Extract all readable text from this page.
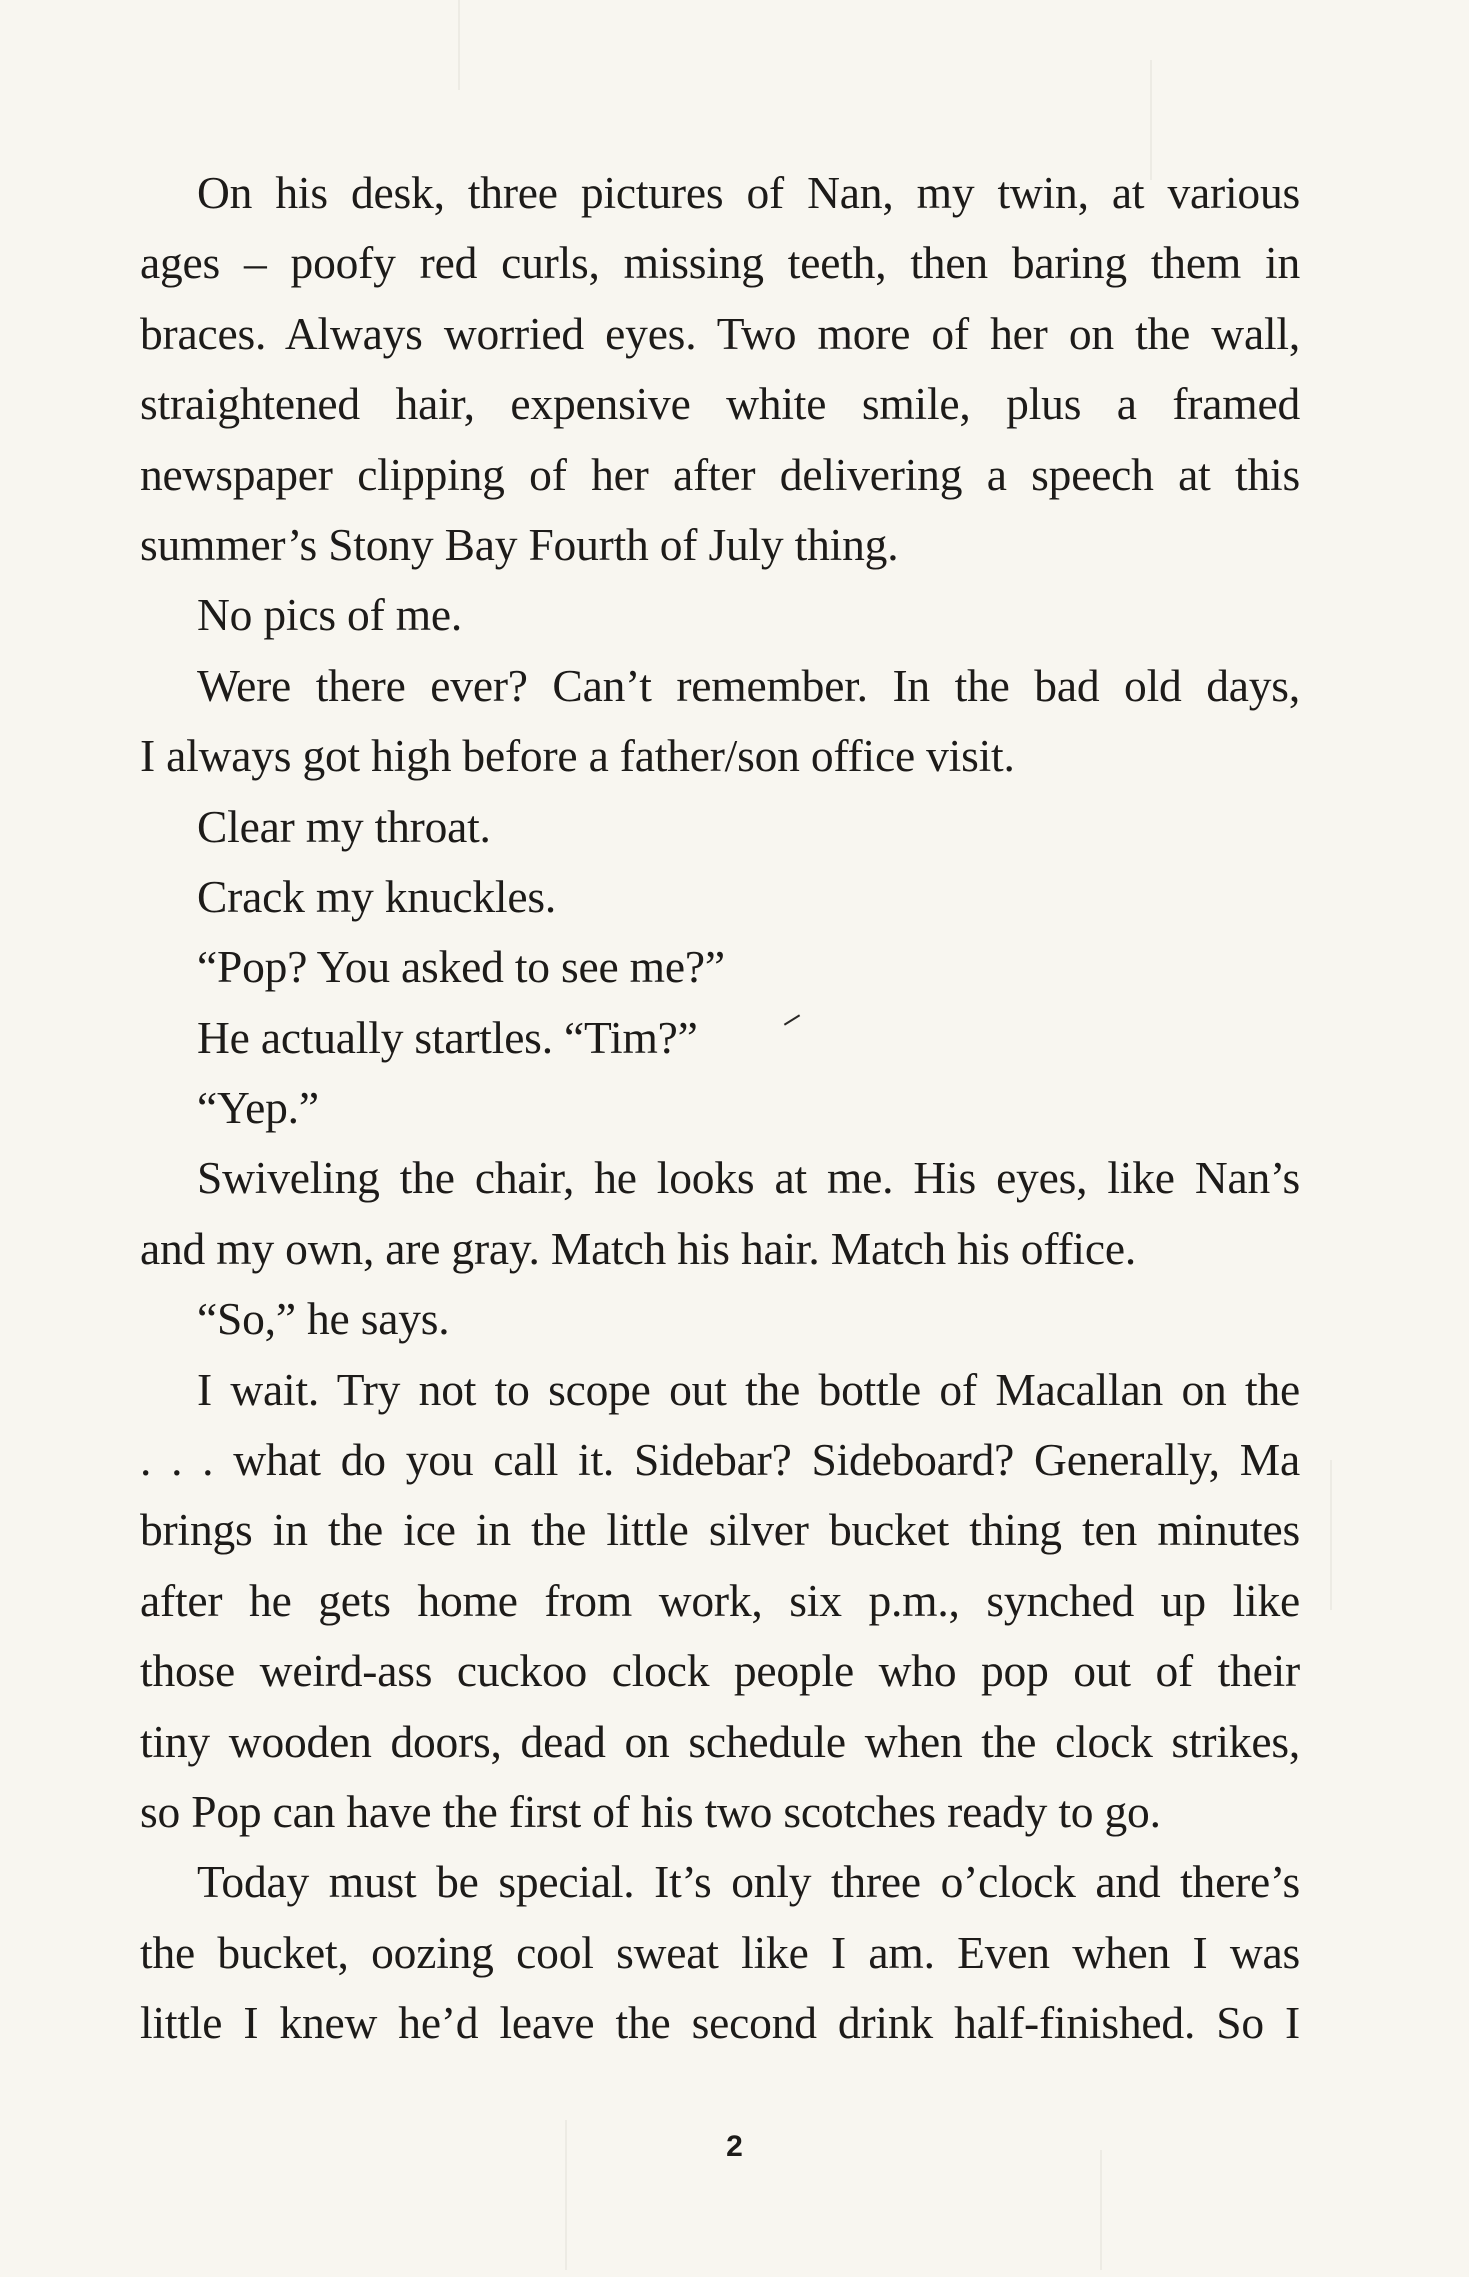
On his desk, three pictures of Nan, my twin, at various
ages – poofy red curls, missing teeth, then baring them in
braces. Always worried eyes. Two more of her on the wall,
straightened hair, expensive white smile, plus a framed
newspaper clipping of her after delivering a speech at this
summer’s Stony Bay Fourth of July thing.
No pics of me.
Were there ever? Can’t remember. In the bad old days,
I always got high before a father/son office visit.
Clear my throat.
Crack my knuckles.
“Pop? You asked to see me?”
He actually startles. “Tim?”
“Yep.”
Swiveling the chair, he looks at me. His eyes, like Nan’s
and my own, are gray. Match his hair. Match his office.
“So,” he says.
I wait. Try not to scope out the bottle of Macallan on the
. . . what do you call it. Sidebar? Sideboard? Generally, Ma
brings in the ice in the little silver bucket thing ten minutes
after he gets home from work, six p.m., synched up like
those weird-ass cuckoo clock people who pop out of their
tiny wooden doors, dead on schedule when the clock strikes,
so Pop can have the first of his two scotches ready to go.
Today must be special. It’s only three o’clock and there’s
the bucket, oozing cool sweat like I am. Even when I was
little I knew he’d leave the second drink half-finished. So I
2
